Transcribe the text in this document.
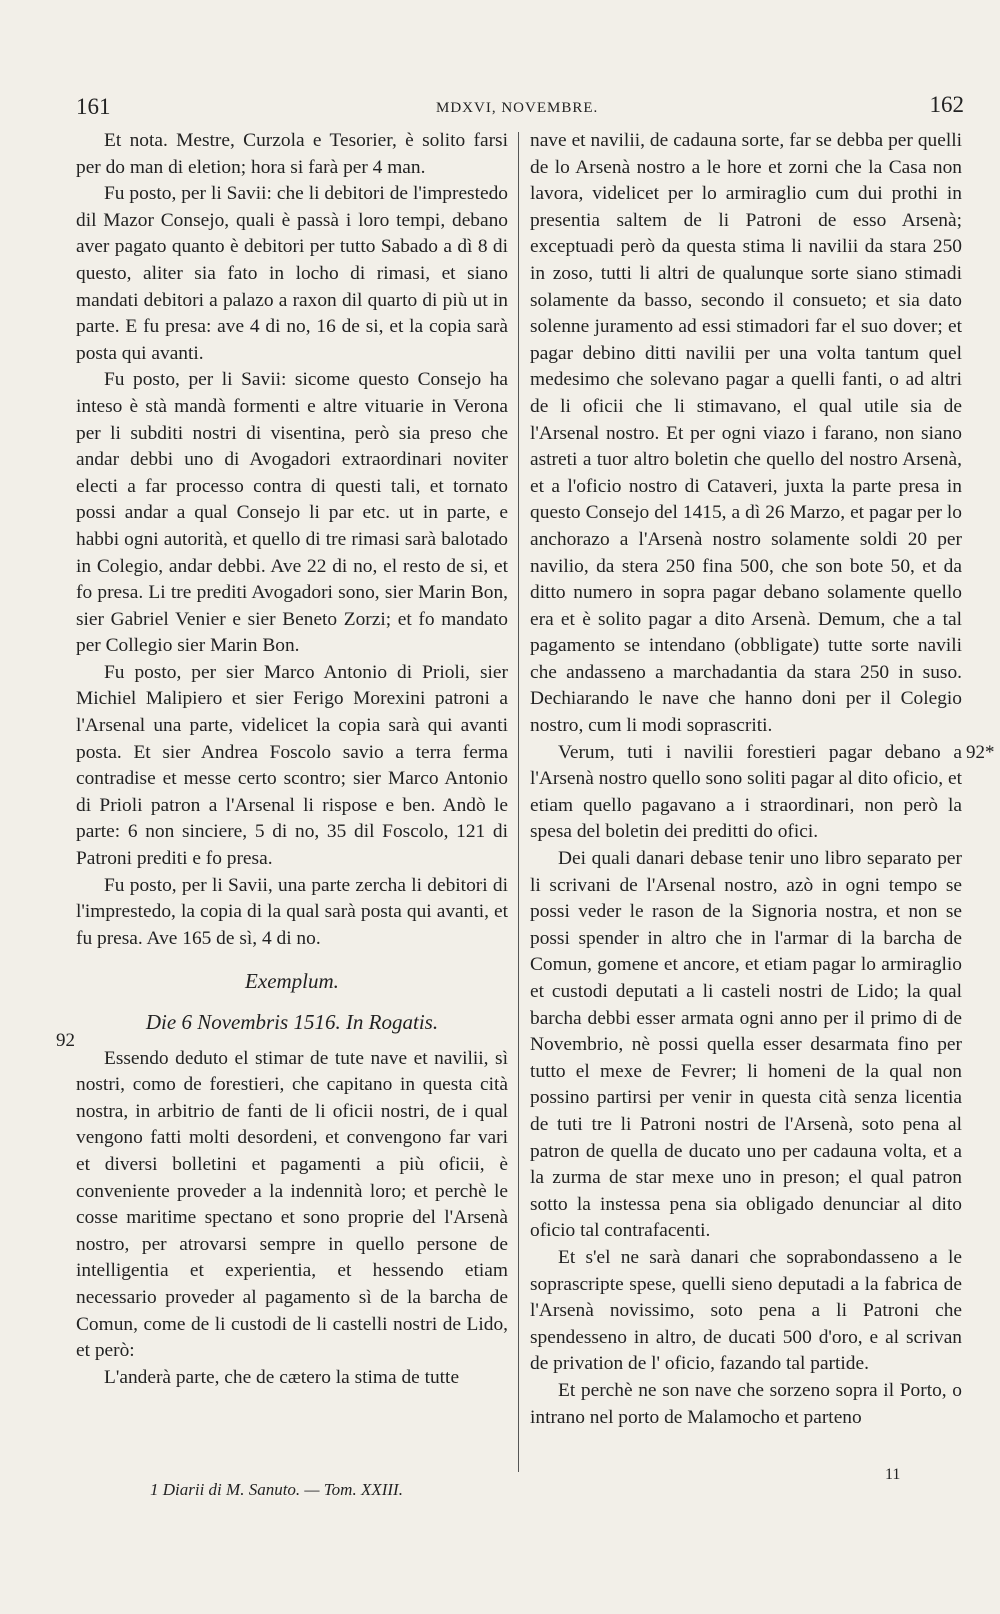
161	MDXVI, NOVEMBRE.	162

Et nota. Mestre, Curzola e Tesorier, è solito farsi per do man di eletion; hora si farà per 4 man.

Fu posto, per li Savii: che li debitori de l'imprestedo dil Mazor Consejo, quali è passà i loro tempi, debano aver pagato quanto è debitori per tutto Sabado a dì 8 di questo, aliter sia fato in locho di rimasi, et siano mandati debitori a palazo a raxon dil quarto di più ut in parte. E fu presa: ave 4 di no, 16 de si, et la copia sarà posta qui avanti.

Fu posto, per li Savii: sicome questo Consejo ha inteso è stà mandà formenti e altre vituarie in Verona per li subditi nostri di visentina, però sia preso che andar debbi uno di Avogadori extraordinari noviter electi a far processo contra di questi tali, et tornato possi andar a qual Consejo li par etc. ut in parte, e habbi ogni autorità, et quello di tre rimasi sarà balotado in Colegio, andar debbi. Ave 22 di no, el resto de si, et fo presa. Li tre prediti Avogadori sono, sier Marin Bon, sier Gabriel Venier e sier Beneto Zorzi; et fo mandato per Collegio sier Marin Bon.

Fu posto, per sier Marco Antonio di Prioli, sier Michiel Malipiero et sier Ferigo Morexini patroni a l'Arsenal una parte, videlicet la copia sarà qui avanti posta. Et sier Andrea Foscolo savio a terra ferma contradise et messe certo scontro; sier Marco Antonio di Prioli patron a l'Arsenal li rispose e ben. Andò le parte: 6 non sinciere, 5 di no, 35 dil Foscolo, 121 di Patroni prediti e fo presa.

Fu posto, per li Savii, una parte zercha li debitori di l'imprestedo, la copia di la qual sarà posta qui avanti, et fu presa. Ave 165 de sì, 4 di no.

Exemplum.

Die 6 Novembris 1516. In Rogatis.

Essendo deduto el stimar de tute nave et navilii, sì nostri, como de forestieri, che capitano in questa cità nostra, in arbitrio de fanti de li oficii nostri, de i qual vengono fatti molti desordeni, et convengono far vari et diversi bolletini et pagamenti a più oficii, è conveniente proveder a la indennità loro; et perchè le cosse maritime spectano et sono proprie del l'Arsenà nostro, per atrovarsi sempre in quello persone de intelligentia et experientia, et hessendo etiam necessario proveder al pagamento sì de la barcha de Comun, come de li custodi de li castelli nostri de Lido, et però:

L'anderà parte, che de cætero la stima de tutte

nave et navilii, de cadauna sorte, far se debba per quelli de lo Arsenà nostro a le hore et zorni che la Casa non lavora, videlicet per lo armiraglio cum dui prothi in presentia saltem de li Patroni de esso Arsenà; exceptuadi però da questa stima li navilii da stara 250 in zoso, tutti li altri de qualunque sorte siano stimadi solamente da basso, secondo il consueto; et sia dato solenne juramento ad essi stimadori far el suo dover; et pagar debino ditti navilii per una volta tantum quel medesimo che solevano pagar a quelli fanti, o ad altri de li oficii che li stimavano, el qual utile sia de l'Arsenal nostro. Et per ogni viazo i farano, non siano astreti a tuor altro boletin che quello del nostro Arsenà, et a l'oficio nostro di Cataveri, juxta la parte presa in questo Consejo del 1415, a dì 26 Marzo, et pagar per lo anchorazo a l'Arsenà nostro solamente soldi 20 per navilio, da stera 250 fina 500, che son bote 50, et da ditto numero in sopra pagar debano solamente quello era et è solito pagar a dito Arsenà. Demum, che a tal pagamento se intendano (obbligate) tutte sorte navili che andasseno a marchadantia da stara 250 in suso. Dechiarando le nave che hanno doni per il Colegio nostro, cum li modi soprascriti.

Verum, tuti i navilii forestieri pagar debano a l'Arsenà nostro quello sono soliti pagar al dito oficio, et etiam quello pagavano a i straordinari, non però la spesa del boletin dei preditti do ofici.

Dei quali danari debase tenir uno libro separato per li scrivani de l'Arsenal nostro, azò in ogni tempo se possi veder le rason de la Signoria nostra, et non se possi spender in altro che in l'armar di la barcha de Comun, gomene et ancore, et etiam pagar lo armiraglio et custodi deputati a li casteli nostri de Lido; la qual barcha debbi esser armata ogni anno per il primo di de Novembrio, nè possi quella esser desarmata fino per tutto el mexe de Fevrer; li homeni de la qual non possino partirsi per venir in questa cità senza licentia de tuti tre li Patroni nostri de l'Arsenà, soto pena al patron de quella de ducato uno per cadauna volta, et a la zurma de star mexe uno in preson; el qual patron sotto la instessa pena sia obligado denunciar al dito oficio tal contrafacenti.

Et s'el ne sarà danari che soprabondasseno a le soprascripte spese, quelli sieno deputadi a la fabrica de l'Arsenà novissimo, soto pena a li Patroni che spendesseno in altro, de ducati 500 d'oro, e al scrivan de privation de l' oficio, fazando tal partide.

Et perchè ne son nave che sorzeno sopra il Porto, o intrano nel porto de Malamocho et parteno

92
92*
1 Diarii di M. Sanuto. — Tom. XXIII.
11
